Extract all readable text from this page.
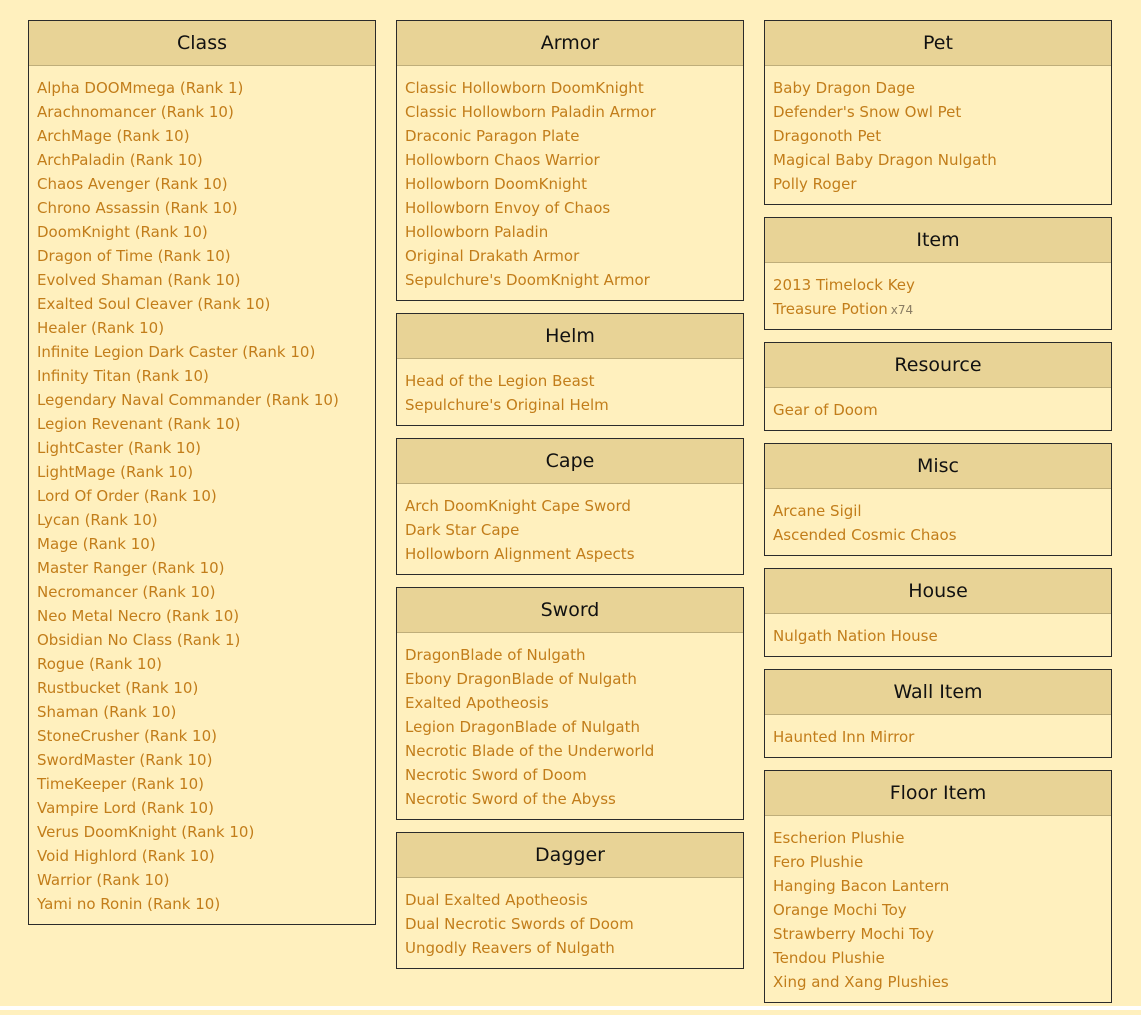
Class
Alpha DOOMmega (Rank 1)
Arachnomancer (Rank 10)
ArchMage (Rank 10)
ArchPaladin (Rank 10)
Chaos Avenger (Rank 10)
Chrono Assassin (Rank 10)
DoomKnight (Rank 10)
Dragon of Time (Rank 10)
Evolved Shaman (Rank 10)
Exalted Soul Cleaver (Rank 10)
Healer (Rank 10)
Infinite Legion Dark Caster (Rank 10)
Infinity Titan (Rank 10)
Legendary Naval Commander (Rank 10)
Legion Revenant (Rank 10)
LightCaster (Rank 10)
LightMage (Rank 10)
Lord Of Order (Rank 10)
Lycan (Rank 10)
Mage (Rank 10)
Master Ranger (Rank 10)
Necromancer (Rank 10)
Neo Metal Necro (Rank 10)
Obsidian No Class (Rank 1)
Rogue (Rank 10)
Rustbucket (Rank 10)
Shaman (Rank 10)
StoneCrusher (Rank 10)
SwordMaster (Rank 10)
TimeKeeper (Rank 10)
Vampire Lord (Rank 10)
Verus DoomKnight (Rank 10)
Void Highlord (Rank 10)
Warrior (Rank 10)
Yami no Ronin (Rank 10)
Armor
Classic Hollowborn DoomKnight
Classic Hollowborn Paladin Armor
Draconic Paragon Plate
Hollowborn Chaos Warrior
Hollowborn DoomKnight
Hollowborn Envoy of Chaos
Hollowborn Paladin
Original Drakath Armor
Sepulchure's DoomKnight Armor
Helm
Head of the Legion Beast
Sepulchure's Original Helm
Cape
Arch DoomKnight Cape Sword
Dark Star Cape
Hollowborn Alignment Aspects
Sword
DragonBlade of Nulgath
Ebony DragonBlade of Nulgath
Exalted Apotheosis
Legion DragonBlade of Nulgath
Necrotic Blade of the Underworld
Necrotic Sword of Doom
Necrotic Sword of the Abyss
Dagger
Dual Exalted Apotheosis
Dual Necrotic Swords of Doom
Ungodly Reavers of Nulgath
Pet
Baby Dragon Dage
Defender's Snow Owl Pet
Dragonoth Pet
Magical Baby Dragon Nulgath
Polly Roger
Item
2013 Timelock Key
Treasure Potion x74
Resource
Gear of Doom
Misc
Arcane Sigil
Ascended Cosmic Chaos
House
Nulgath Nation House
Wall Item
Haunted Inn Mirror
Floor Item
Escherion Plushie
Fero Plushie
Hanging Bacon Lantern
Orange Mochi Toy
Strawberry Mochi Toy
Tendou Plushie
Xing and Xang Plushies
